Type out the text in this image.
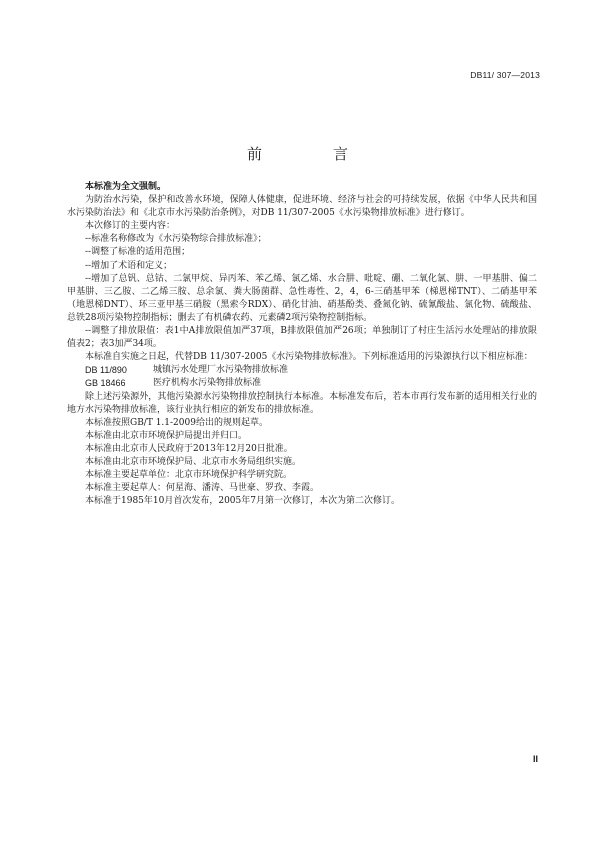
DB11/ 307—2013
前　言

本标准为全文强制。

为防治水污染，保护和改善水环境，保障人体健康，促进环境、经济与社会的可持续发展，依据《中华人民共和国水污染防治法》和《北京市水污染防治条例》，对DB 11/307-2005《水污染物排放标准》进行修订。

本次修订的主要内容：

--标准名称修改为《水污染物综合排放标准》；

--调整了标准的适用范围；

--增加了术语和定义；

--增加了总钒、总钴、二氯甲烷、异丙苯、苯乙烯、氯乙烯、水合肼、吡啶、硼、二氧化氯、肼、一甲基肼、偏二甲基肼、三乙胺、二乙烯三胺、总余氯、粪大肠菌群、急性毒性、2，4，6-三硝基甲苯（梯恩梯TNT）、二硝基甲苯（地恩梯DNT）、环三亚甲基三硝胺（黑索今RDX）、硝化甘油、硝基酚类、叠氮化钠、硫氰酸盐、氯化物、硫酸盐、总铁28项污染物控制指标；删去了有机磷农药、元素磷2项污染物控制指标。

--调整了排放限值：表1中A排放限值加严37项，B排放限值加严26项；单独制订了村庄生活污水处理站的排放限值表2；表3加严34项。

本标准自实施之日起，代替DB 11/307-2005《水污染物排放标准》。下列标准适用的污染源执行以下相应标准：

DB 11/890	城镇污水处理厂水污染物排放标准
GB 18466	医疗机构水污染物排放标准

除上述污染源外，其他污染源水污染物排放控制执行本标准。本标准发布后，若本市再行发布新的适用相关行业的地方水污染物排放标准，该行业执行相应的新发布的排放标准。

本标准按照GB/T 1.1-2009给出的规则起草。

本标准由北京市环境保护局提出并归口。

本标准由北京市人民政府于2013年12月20日批准。

本标准由北京市环境保护局、北京市水务局组织实施。

本标准主要起草单位：北京市环境保护科学研究院。

本标准主要起草人：何星海、潘涛、马世豪、罗孜、李霞。

本标准于1985年10月首次发布，2005年7月第一次修订，本次为第二次修订。

II
